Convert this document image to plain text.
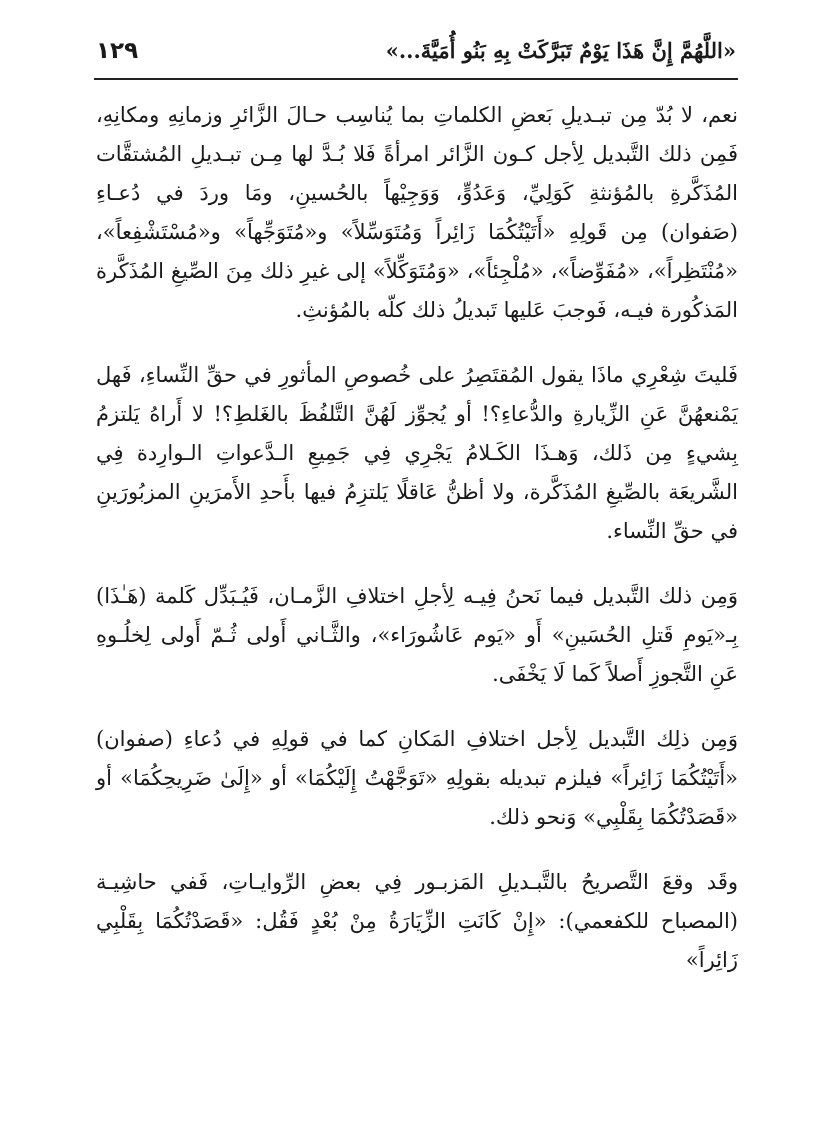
«اللَّهُمَّ إِنَّ هَذَا يَوْمٌ تَبَرَّكَتْ بِهِ بَنُو أُمَيَّةَ...»
١٢٩

نعم، لا بُدّ مِن تبـديلِ بَعضِ الكلماتِ بما يُناسِب حـالَ الزَّائرِ وزمانِهِ ومكانِهِ، فَمِن ذلك التَّبديل لِأجل كـون الزَّائر امرأةً فَلا بُـدَّ لها مِـن تبـديلِ المُشتقَّات المُذَكَّرةِ بالمُؤنثةِ كَوَلِيِّ، وَعَدُوٍّ، وَوَجِيْهاً بالحُسينِ، ومَا وردَ في دُعـاءِ (صَفوان) مِن قَولِهِ «أَتَيْتُكُمَا زَائِراً وَمُتَوَسِّلاً» و«مُتَوَجِّهاً» و«مُسْتَشْفِعاً»، «مُنْتَظِراً»، «مُفَوِّضاً»، «مُلْجِئاً»، «وَمُتَوَكِّلاً» إلى غيرِ ذلك مِنَ الصِّيغِ المُذَكَّرة المَذكُورة فيـه، فَوجبَ عَليها تَبديلُ ذلك كلّه بالمُؤنثِ.

فَليتَ شِعْرِي ماذَا يقول المُقتَصِرُ على خُصوصِ المأثورِ في حقِّ النِّساءِ، فَهل يَمْنعهُنَّ عَنِ الزِّيارةِ والدُّعاءِ؟! أو يُجوِّز لَهُنَّ التَّلفُظَ بالغَلطِ؟! لا أَراهُ يَلتزمُ بِشيءٍ مِن ذَلك، وَهـذَا الكَـلامُ يَجْرِي فِي جَمِيعِ الـدَّعواتِ الـوارِدة فِي الشَّريعَة بالصِّيغِ المُذَكَّرة، ولا أظنُّ عَاقلًا يَلتزِمُ فيها بأَحدِ الأَمرَينِ المزبُورَينِ في حقِّ النِّساء.

وَمِن ذلك التَّبديل فيما نَحنُ فِيـه لِأجلِ اختلافِ الزَّمـان، فَيُـبَدِّل كَلمة (هَـٰذَا) بِـ«يَومِ قَتلِ الحُسَينِ» أَو «يَوم عَاشُورَاء»، والثَّـاني أَولى ثُـمّ أَولى لِخلُـوهِ عَنِ التَّجوزِ أَصلاً كَما لَا يَخْفَى.

وَمِن ذلِك التَّبديل لِأجل اختلافِ المَكانِ كما في قولِهِ في دُعاءِ (صفوان) «أَتَيْتُكُمَا زَائِراً» فيلزم تبديله بقولِهِ «تَوَجَّهْتُ إِلَيْكُمَا» أو «إِلَىٰ ضَرِيحِكُمَا» أو «قَصَدْتُكُمَا بِقَلْبِي» وَنحو ذلك.

وقَد وقعَ التَّصريحُ بالتَّبـديلِ المَزبـور فِي بعضِ الرِّوايـاتِ، فَفي حاشِيـة (المصباح للكفعمي): «إِنْ كَانَتِ الزِّيَارَةُ مِنْ بُعْدٍ فَقُل: «قَصَدْتُكُمَا بِقَلْبِي زَائِراً»
